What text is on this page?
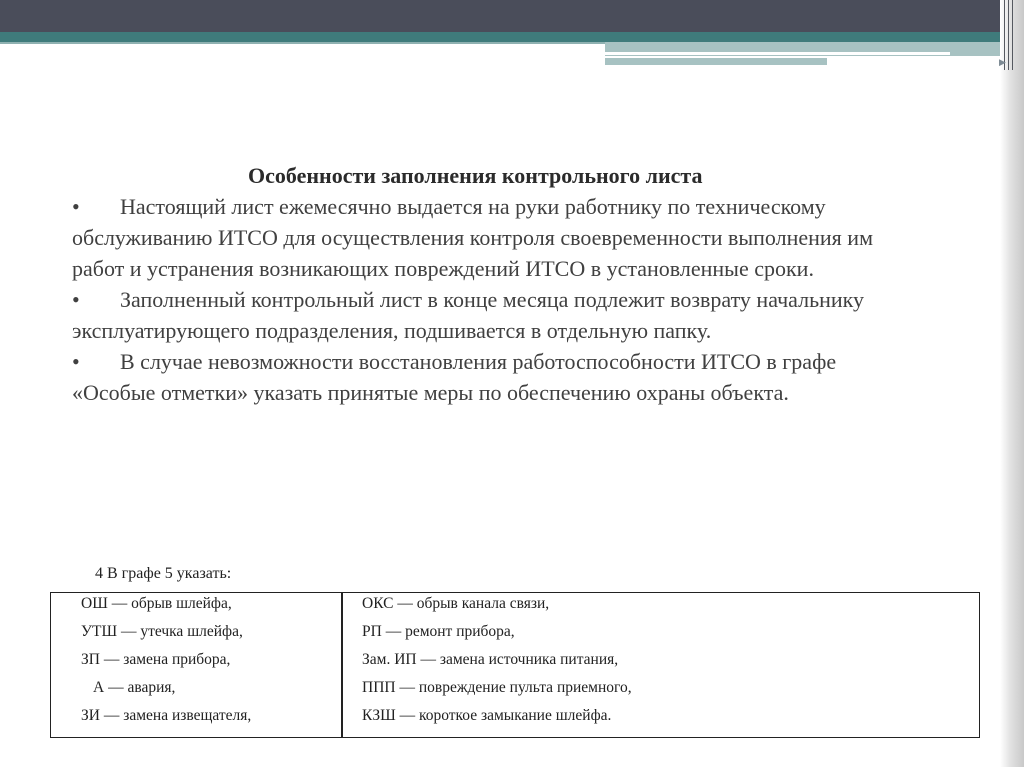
▶
Особенности заполнения контрольного листа

• Настоящий лист ежемесячно выдается на руки работнику по техническому
обслуживанию ИТСО для осуществления контроля своевременности выполнения им
работ и устранения возникающих повреждений ИТСО в установленные сроки.

• Заполненный контрольный лист в конце месяца подлежит возврату начальнику
эксплуатирующего подразделения, подшивается в отдельную папку.

• В случае невозможности восстановления работоспособности ИТСО в графе
«Особые отметки» указать принятые меры по обеспечению охраны объекта.

4 В графе 5 указать:
ОШ — обрыв шлейфа,
УТШ — утечка шлейфа,
ЗП — замена прибора,
А — авария,
ЗИ — замена извещателя,
ОКС — обрыв канала связи,
РП — ремонт прибора,
Зам. ИП — замена источника питания,
ППП — повреждение пульта приемного,
КЗШ — короткое замыкание шлейфа.
